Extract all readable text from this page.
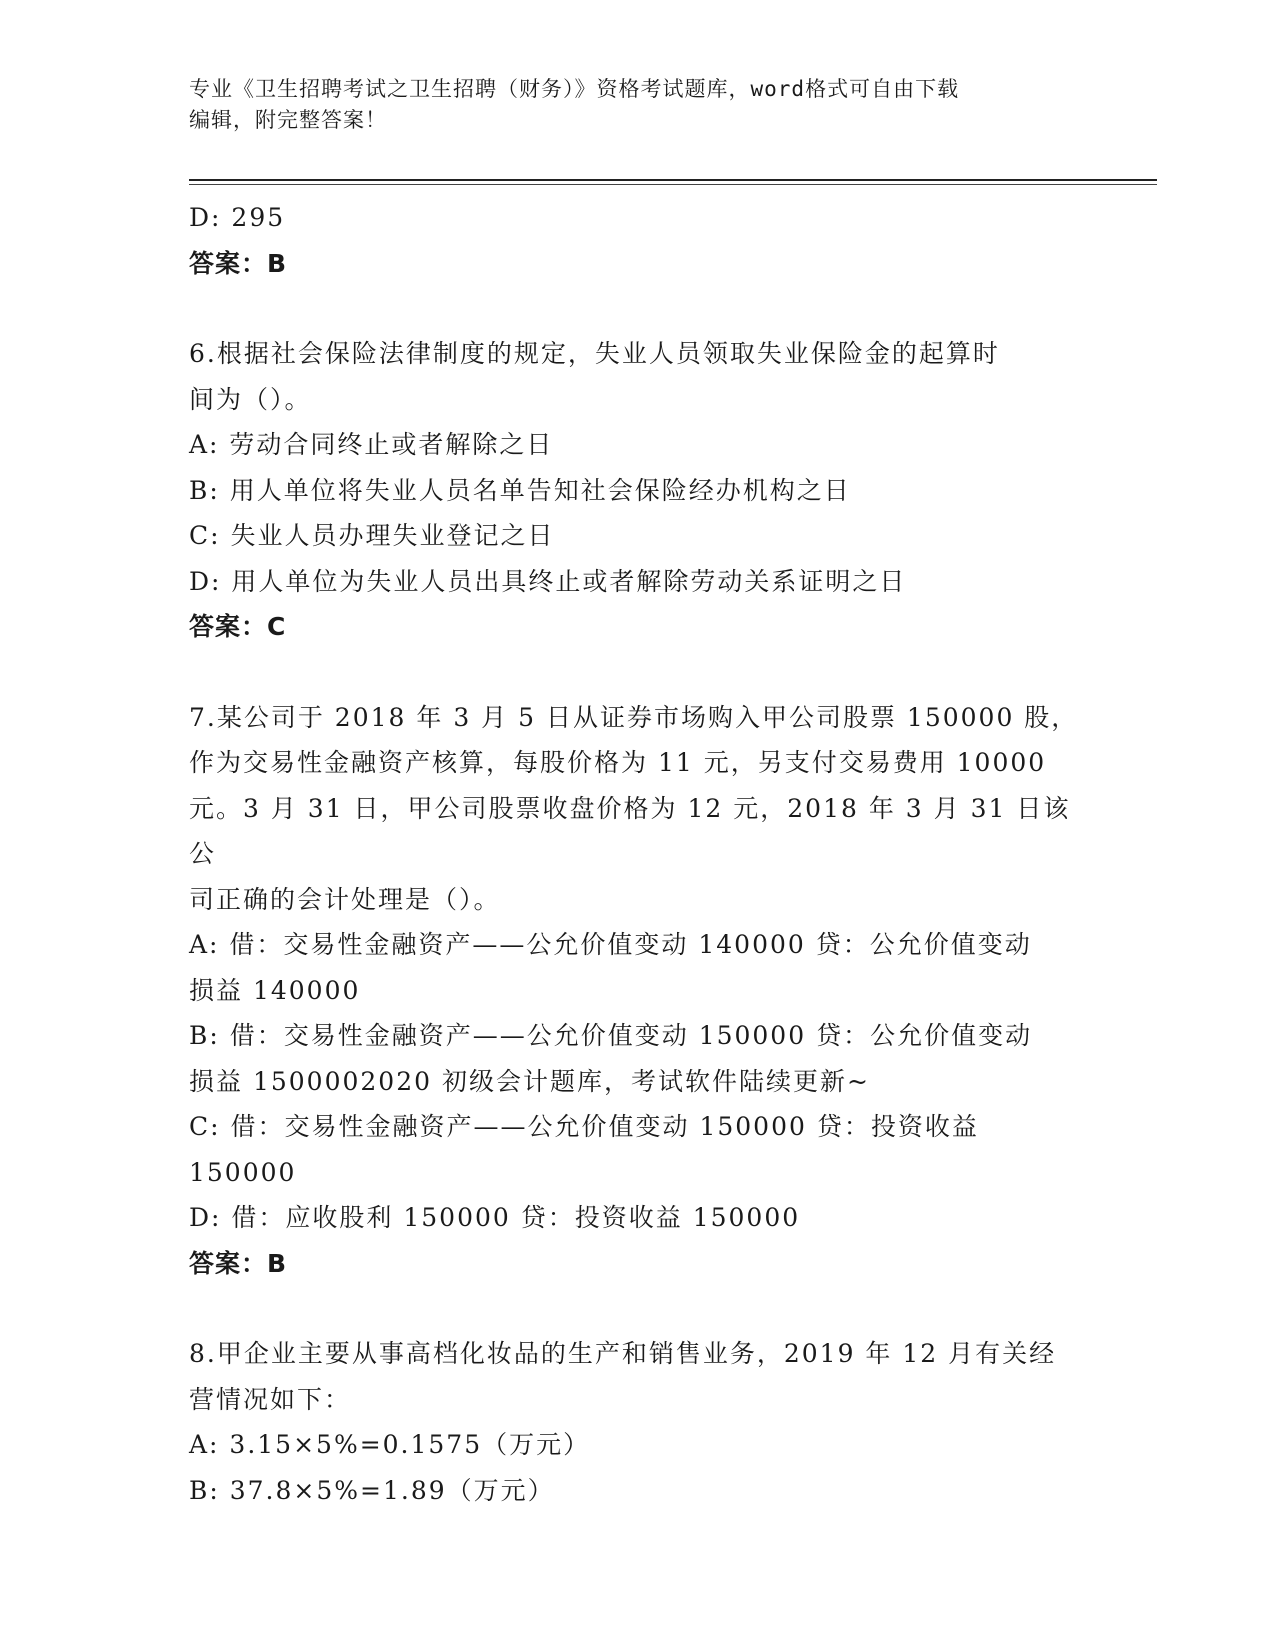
专业《卫生招聘考试之卫生招聘（财务）》资格考试题库，word格式可自由下载
编辑，附完整答案！

D: 295

答案：B

6.根据社会保险法律制度的规定，失业人员领取失业保险金的起算时

间为（）。

A: 劳动合同终止或者解除之日

B: 用人单位将失业人员名单告知社会保险经办机构之日

C: 失业人员办理失业登记之日

D: 用人单位为失业人员出具终止或者解除劳动关系证明之日

答案：C

7.某公司于 2018 年 3 月 5 日从证券市场购入甲公司股票 150000 股，

作为交易性金融资产核算，每股价格为 11 元，另支付交易费用 10000

元。3 月 31 日，甲公司股票收盘价格为 12 元，2018 年 3 月 31 日该公

司正确的会计处理是（）。

A: 借：交易性金融资产——公允价值变动 140000 贷：公允价值变动

损益 140000

B: 借：交易性金融资产——公允价值变动 150000 贷：公允价值变动

损益 1500002020 初级会计题库，考试软件陆续更新~

C: 借：交易性金融资产——公允价值变动 150000 贷：投资收益

150000

D: 借：应收股利 150000 贷：投资收益 150000

答案：B

8.甲企业主要从事高档化妆品的生产和销售业务，2019 年 12 月有关经

营情况如下：

A: 3.15×5%=0.1575（万元）

B: 37.8×5%=1.89（万元）
